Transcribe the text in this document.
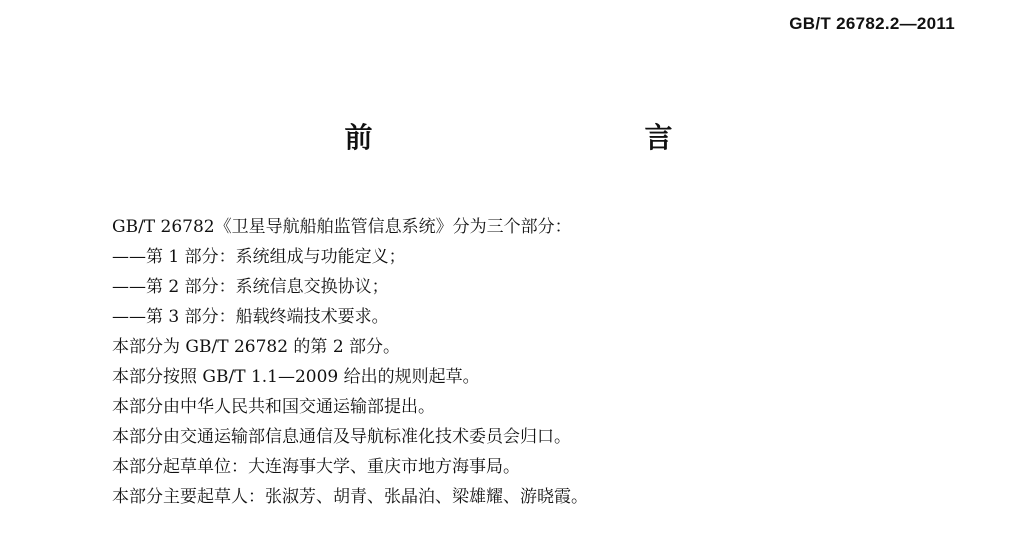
GB/T 26782.2—2011
前　　言
GB/T 26782《卫星导航船舶监管信息系统》分为三个部分：
——第 1 部分：系统组成与功能定义；
——第 2 部分：系统信息交换协议；
——第 3 部分：船载终端技术要求。
本部分为 GB/T 26782 的第 2 部分。
本部分按照 GB/T 1.1—2009 给出的规则起草。
本部分由中华人民共和国交通运输部提出。
本部分由交通运输部信息通信及导航标准化技术委员会归口。
本部分起草单位：大连海事大学、重庆市地方海事局。
本部分主要起草人：张淑芳、胡青、张晶泊、梁雄耀、游晓霞。
